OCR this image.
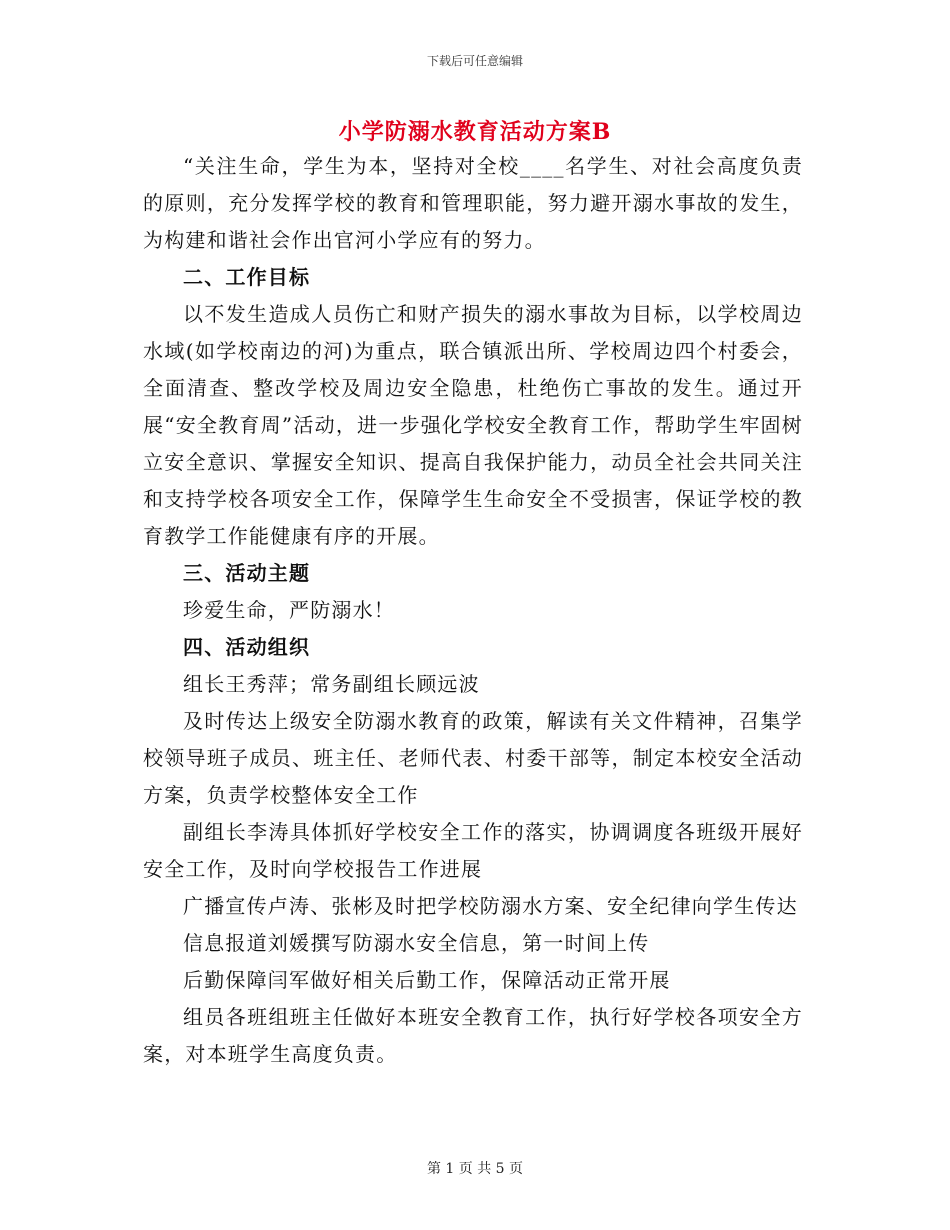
下载后可任意编辑
小学防溺水教育活动方案B

“关注生命，学生为本，坚持对全校____名学生、对社会高度负责的原则，充分发挥学校的教育和管理职能，努力避开溺水事故的发生，为构建和谐社会作出官河小学应有的努力。

二、工作目标

以不发生造成人员伤亡和财产损失的溺水事故为目标，以学校周边水域(如学校南边的河)为重点，联合镇派出所、学校周边四个村委会，全面清查、整改学校及周边安全隐患，杜绝伤亡事故的发生。通过开展“安全教育周”活动，进一步强化学校安全教育工作，帮助学生牢固树立安全意识、掌握安全知识、提高自我保护能力，动员全社会共同关注和支持学校各项安全工作，保障学生生命安全不受损害，保证学校的教育教学工作能健康有序的开展。

三、活动主题

珍爱生命，严防溺水！

四、活动组织

组长王秀萍；常务副组长顾远波

及时传达上级安全防溺水教育的政策，解读有关文件精神，召集学校领导班子成员、班主任、老师代表、村委干部等，制定本校安全活动方案，负责学校整体安全工作

副组长李涛具体抓好学校安全工作的落实，协调调度各班级开展好安全工作，及时向学校报告工作进展

广播宣传卢涛、张彬及时把学校防溺水方案、安全纪律向学生传达

信息报道刘媛撰写防溺水安全信息，第一时间上传

后勤保障闫军做好相关后勤工作，保障活动正常开展

组员各班组班主任做好本班安全教育工作，执行好学校各项安全方案，对本班学生高度负责。

第 1 页 共 5 页
